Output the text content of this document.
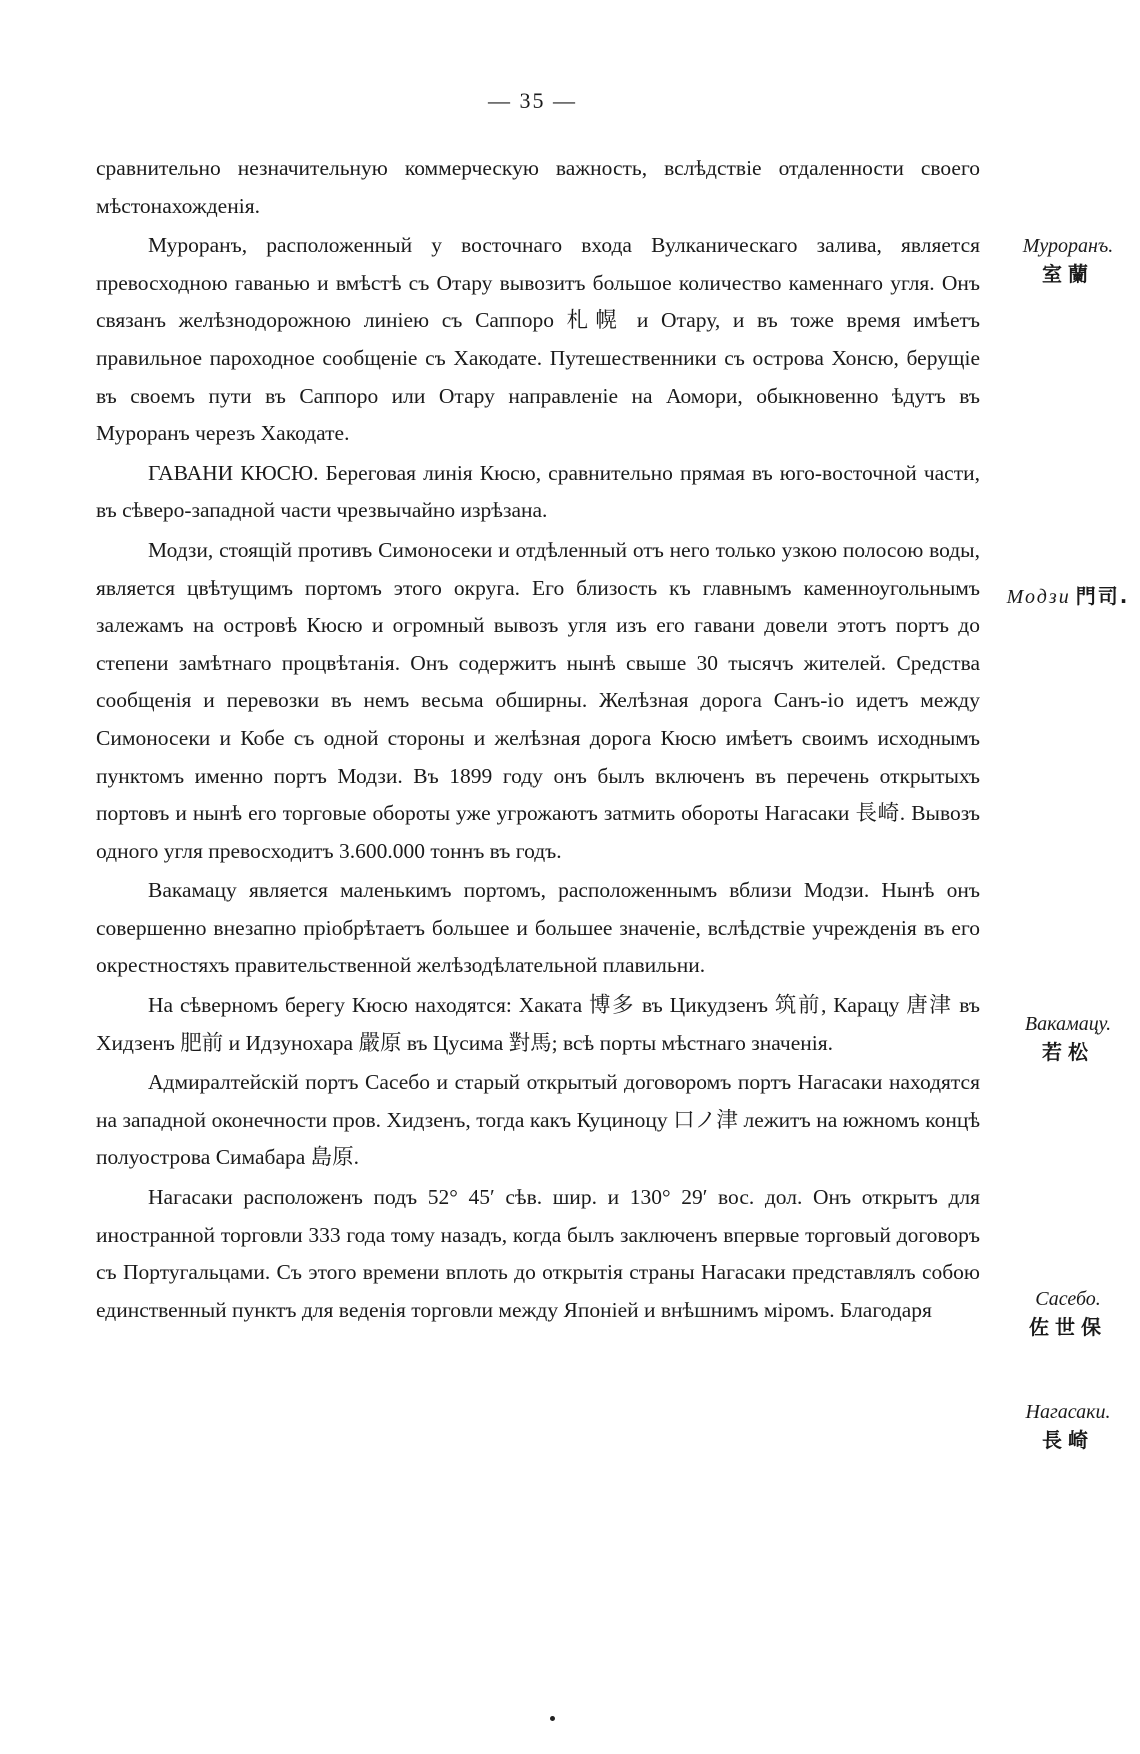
— 35 —

сравнительно незначительную коммерческую важность, вслѣдствіе отдаленности своего мѣстонахожденія.

Муроранъ, расположенный у восточнаго входа Вулканическаго залива, является превосходною гаванью и вмѣстѣ съ Отару вывозитъ большое количество каменнаго угля. Онъ связанъ желѣзнодорожною линіею съ Саппоро 札幌 и Отару, и въ тоже время имѣетъ правильное пароходное сообщеніе съ Хакодате. Путешественники съ острова Хонсю, берущіе въ своемъ пути въ Саппоро или Отару направленіе на Аомори, обыкновенно ѣдутъ въ Муроранъ черезъ Хакодате.

ГАВАНИ КЮСЮ. Береговая линія Кюсю, сравнительно прямая въ юго-восточной части, въ сѣверо-западной части чрезвычайно изрѣзана.

Модзи, стоящій противъ Симоносеки и отдѣленный отъ него только узкою полосою воды, является цвѣтущимъ портомъ этого округа. Его близость къ главнымъ каменноугольнымъ залежамъ на островѣ Кюсю и огромный вывозъ угля изъ его гавани довели этотъ портъ до степени замѣтнаго процвѣтанія. Онъ содержитъ нынѣ свыше 30 тысячъ жителей. Средства сообщенія и перевозки въ немъ весьма обширны. Желѣзная дорога Санъ-іо идетъ между Симоносеки и Кобе съ одной стороны и желѣзная дорога Кюсю имѣетъ своимъ исходнымъ пунктомъ именно портъ Модзи. Въ 1899 году онъ былъ включенъ въ перечень открытыхъ портовъ и нынѣ его торговые обороты уже угрожаютъ затмить обороты Нагасаки 長崎. Вывозъ одного угля превосходитъ 3.600.000 тоннъ въ годъ.

Вакамацу является маленькимъ портомъ, расположеннымъ вблизи Модзи. Нынѣ онъ совершенно внезапно пріобрѣтаетъ большее и большее значеніе, вслѣдствіе учрежденія въ его окрестностяхъ правительственной желѣзодѣлательной плавильни.

На сѣверномъ берегу Кюсю находятся: Хаката 博多 въ Цикудзенъ 筑前, Карацу 唐津 въ Хидзенъ 肥前 и Идзунохара 嚴原 въ Цусима 對馬; всѣ порты мѣстнаго значенія.

Адмиралтейскій портъ Сасебо и старый открытый договоромъ портъ Нагасаки находятся на западной оконечности пров. Хидзенъ, тогда какъ Куциноцу 口ノ津 лежитъ на южномъ концѣ полуострова Симабара 島原.

Нагасаки расположенъ подъ 52° 45′ сѣв. шир. и 130° 29′ вос. дол. Онъ открытъ для иностранной торговли 333 года тому назадъ, когда былъ заключенъ впервые торговый договоръ съ Португальцами. Съ этого времени вплоть до открытія страны Нагасаки представлялъ собою единственный пунктъ для веденія торговли между Японіей и внѣшнимъ міромъ. Благодаря

Муроранъ.
室蘭
Модзи 門司.
Вакамацу.
若松
Сасебо.
佐世保
Нагасаки.
長崎
